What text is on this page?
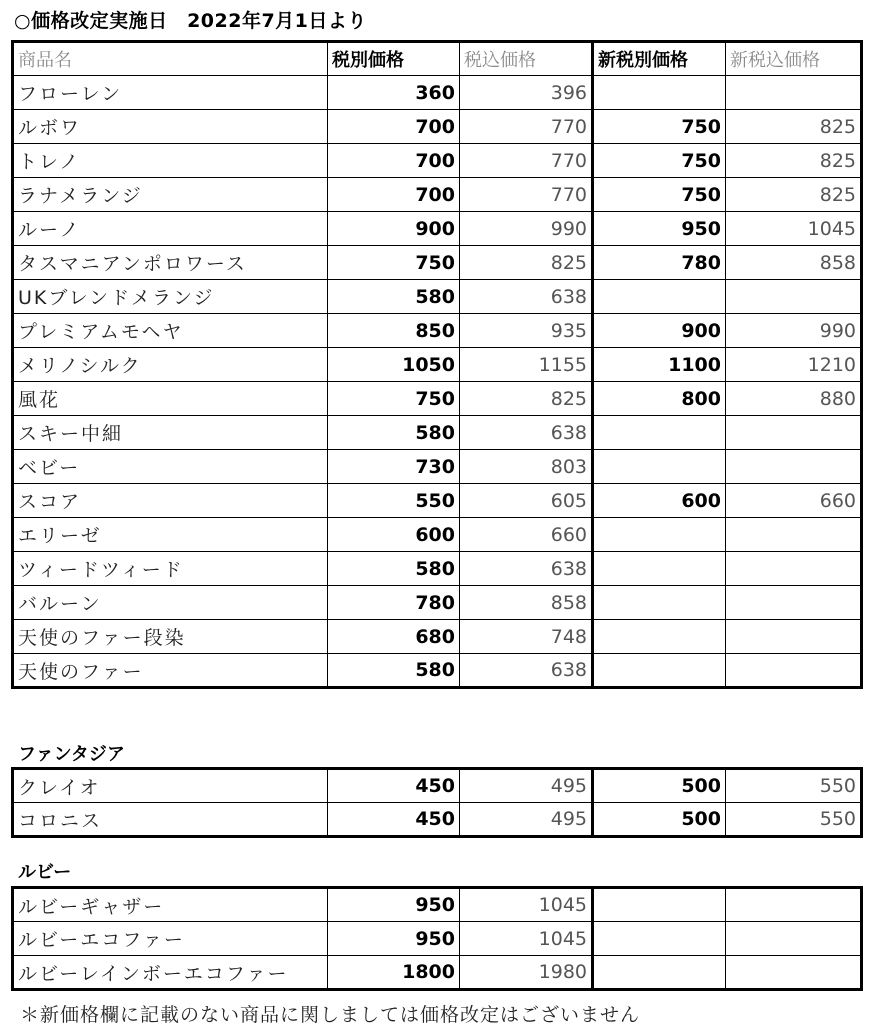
○価格改定実施日　2022年7月1日より
商品名	税別価格	税込価格	新税別価格	新税込価格
フローレン	360	396		
ルボワ	700	770	750	825
トレノ	700	770	750	825
ラナメランジ	700	770	750	825
ルーノ	900	990	950	1045
タスマニアンポロワース	750	825	780	858
UKブレンドメランジ	580	638		
プレミアムモヘヤ	850	935	900	990
メリノシルク	1050	1155	1100	1210
風花	750	825	800	880
スキー中細	580	638		
ベビー	730	803		
スコア	550	605	600	660
エリーゼ	600	660		
ツィードツィード	580	638		
バルーン	780	858		
天使のファー段染	680	748		
天使のファー	580	638		
ファンタジア
クレイオ	450	495	500	550
コロニス	450	495	500	550
ルビー
ルビーギャザー	950	1045		
ルビーエコファー	950	1045		
ルビーレインボーエコファー	1800	1980		
＊新価格欄に記載のない商品に関しましては価格改定はございません
